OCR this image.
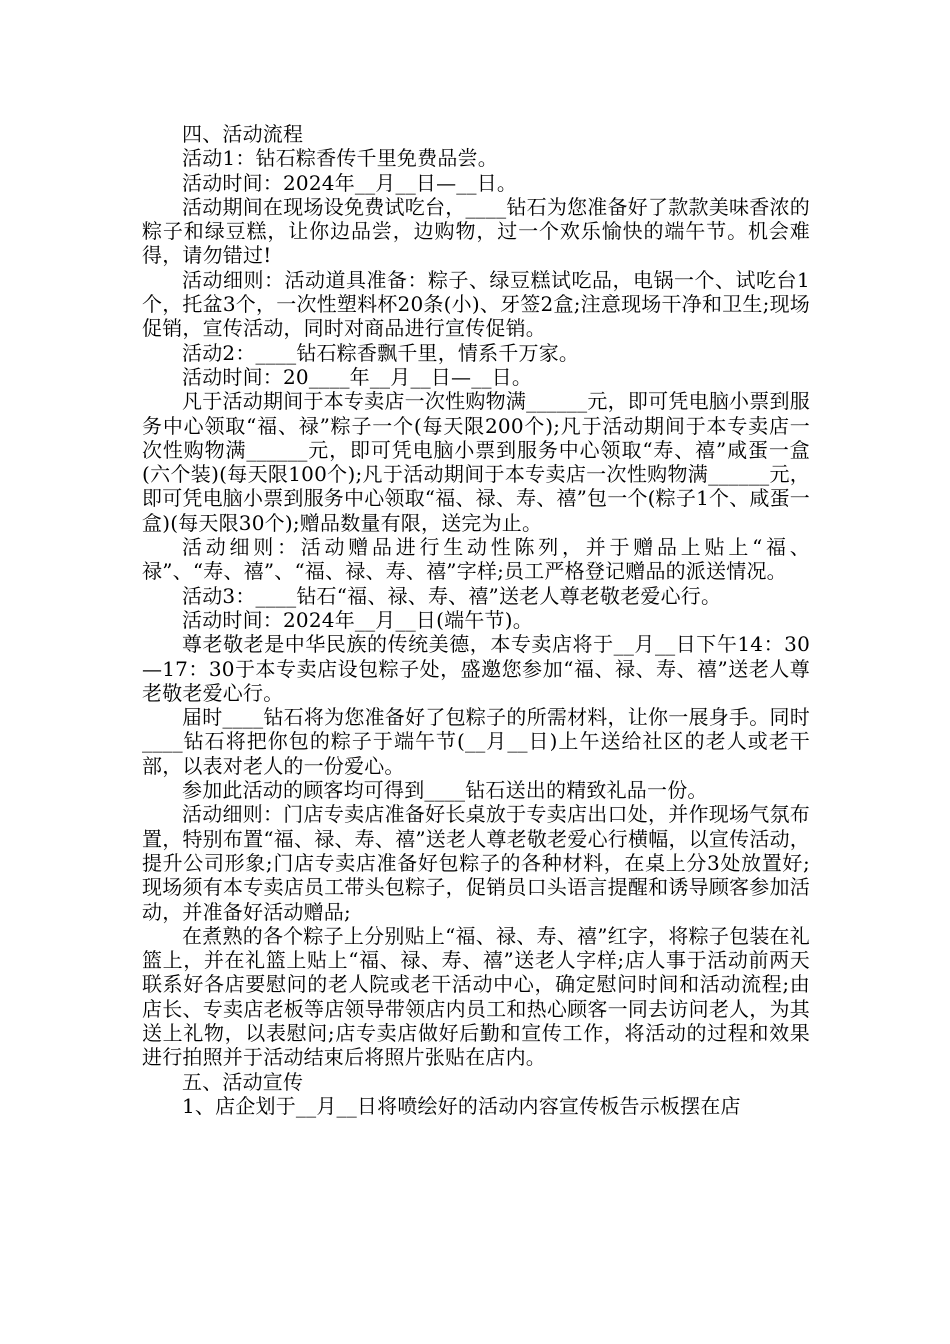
四、活动流程

活动1：钻石粽香传千里免费品尝。

活动时间：2024年__月__日—__日。

活动期间在现场设免费试吃台，____钻石为您准备好了款款美味香浓的粽子和绿豆糕，让你边品尝，边购物，过一个欢乐愉快的端午节。机会难得，请勿错过!

活动细则：活动道具准备：粽子、绿豆糕试吃品，电锅一个、试吃台1个，托盆3个，一次性塑料杯20条(小)、牙签2盒;注意现场干净和卫生;现场促销，宣传活动，同时对商品进行宣传促销。

活动2：____钻石粽香飘千里，情系千万家。

活动时间：20____年__月__日—__日。

凡于活动期间于本专卖店一次性购物满______元，即可凭电脑小票到服务中心领取“福、禄”粽子一个(每天限200个);凡于活动期间于本专卖店一次性购物满______元，即可凭电脑小票到服务中心领取“寿、禧”咸蛋一盒(六个装)(每天限100个);凡于活动期间于本专卖店一次性购物满______元，即可凭电脑小票到服务中心领取“福、禄、寿、禧”包一个(粽子1个、咸蛋一盒)(每天限30个);赠品数量有限，送完为止。

活动细则：活动赠品进行生动性陈列，并于赠品上贴上“福、禄”、“寿、禧”、“福、禄、寿、禧”字样;员工严格登记赠品的派送情况。

活动3：____钻石“福、禄、寿、禧”送老人尊老敬老爱心行。

活动时间：2024年__月__日(端午节)。

尊老敬老是中华民族的传统美德，本专卖店将于__月__日下午14：30—17：30于本专卖店设包粽子处，盛邀您参加“福、禄、寿、禧”送老人尊老敬老爱心行。

届时____钻石将为您准备好了包粽子的所需材料，让你一展身手。同时____钻石将把你包的粽子于端午节(__月__日)上午送给社区的老人或老干部，以表对老人的一份爱心。

参加此活动的顾客均可得到____钻石送出的精致礼品一份。

活动细则：门店专卖店准备好长桌放于专卖店出口处，并作现场气氛布置，特别布置“福、禄、寿、禧”送老人尊老敬老爱心行横幅，以宣传活动，提升公司形象;门店专卖店准备好包粽子的各种材料，在桌上分3处放置好;现场须有本专卖店员工带头包粽子，促销员口头语言提醒和诱导顾客参加活动，并准备好活动赠品;

在煮熟的各个粽子上分别贴上“福、禄、寿、禧”红字，将粽子包装在礼篮上，并在礼篮上贴上“福、禄、寿、禧”送老人字样;店人事于活动前两天联系好各店要慰问的老人院或老干活动中心，确定慰问时间和活动流程;由店长、专卖店老板等店领导带领店内员工和热心顾客一同去访问老人，为其送上礼物，以表慰问;店专卖店做好后勤和宣传工作，将活动的过程和效果进行拍照并于活动结束后将照片张贴在店内。

五、活动宣传

1、店企划于__月__日将喷绘好的活动内容宣传板告示板摆在店
